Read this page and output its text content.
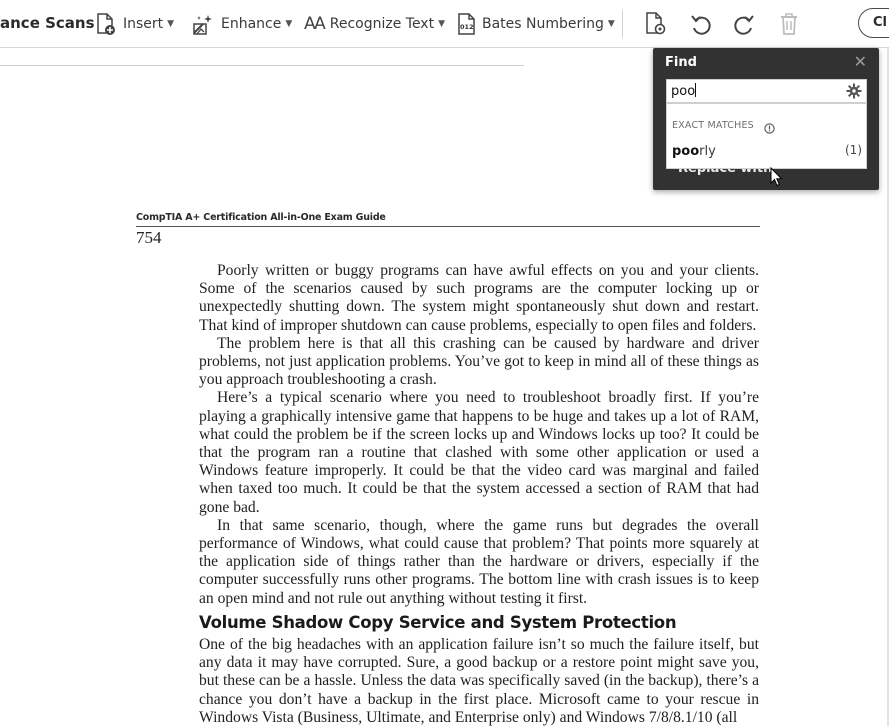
ance Scans Insert ▼	Enhance ▼ AA Recognize Text ▼ 012 Bates Numbering ▼	Cl
CompTIA A+ Certification All-in-One Exam Guide
754

Poorly written or buggy programs can have awful effects on you and your clients. Some of the scenarios caused by such programs are the computer locking up or unexpectedly shutting down. The system might spontaneously shut down and restart. That kind of improper shutdown can cause problems, especially to open files and folders.

The problem here is that all this crashing can be caused by hardware and driver problems, not just application problems. You’ve got to keep in mind all of these things as you approach troubleshooting a crash.

Here’s a typical scenario where you need to troubleshoot broadly first. If you’re playing a graphically intensive game that happens to be huge and takes up a lot of RAM, what could the problem be if the screen locks up and Windows locks up too? It could be that the program ran a routine that clashed with some other application or used a Windows feature improperly. It could be that the video card was marginal and failed when taxed too much. It could be that the system accessed a section of RAM that had gone bad.

In that same scenario, though, where the game runs but degrades the overall performance of Windows, what could cause that problem? That points more squarely at the application side of things rather than the hardware or drivers, especially if the computer successfully runs other programs. The bottom line with crash issues is to keep an open mind and not rule out anything without testing it first.

Volume Shadow Copy Service and System Protection

One of the big headaches with an application failure isn’t so much the failure itself, but any data it may have corrupted. Sure, a good backup or a restore point might save you, but these can be a hassle. Unless the data was specifically saved (in the backup), there’s a chance you don’t have a backup in the first place. Microsoft came to your rescue in Windows Vista (Business, Ultimate, and Enterprise only) and Windows 7/8/8.1/10 (all

Find	✕
poo
EXACT MATCHES
poorly	(1)
